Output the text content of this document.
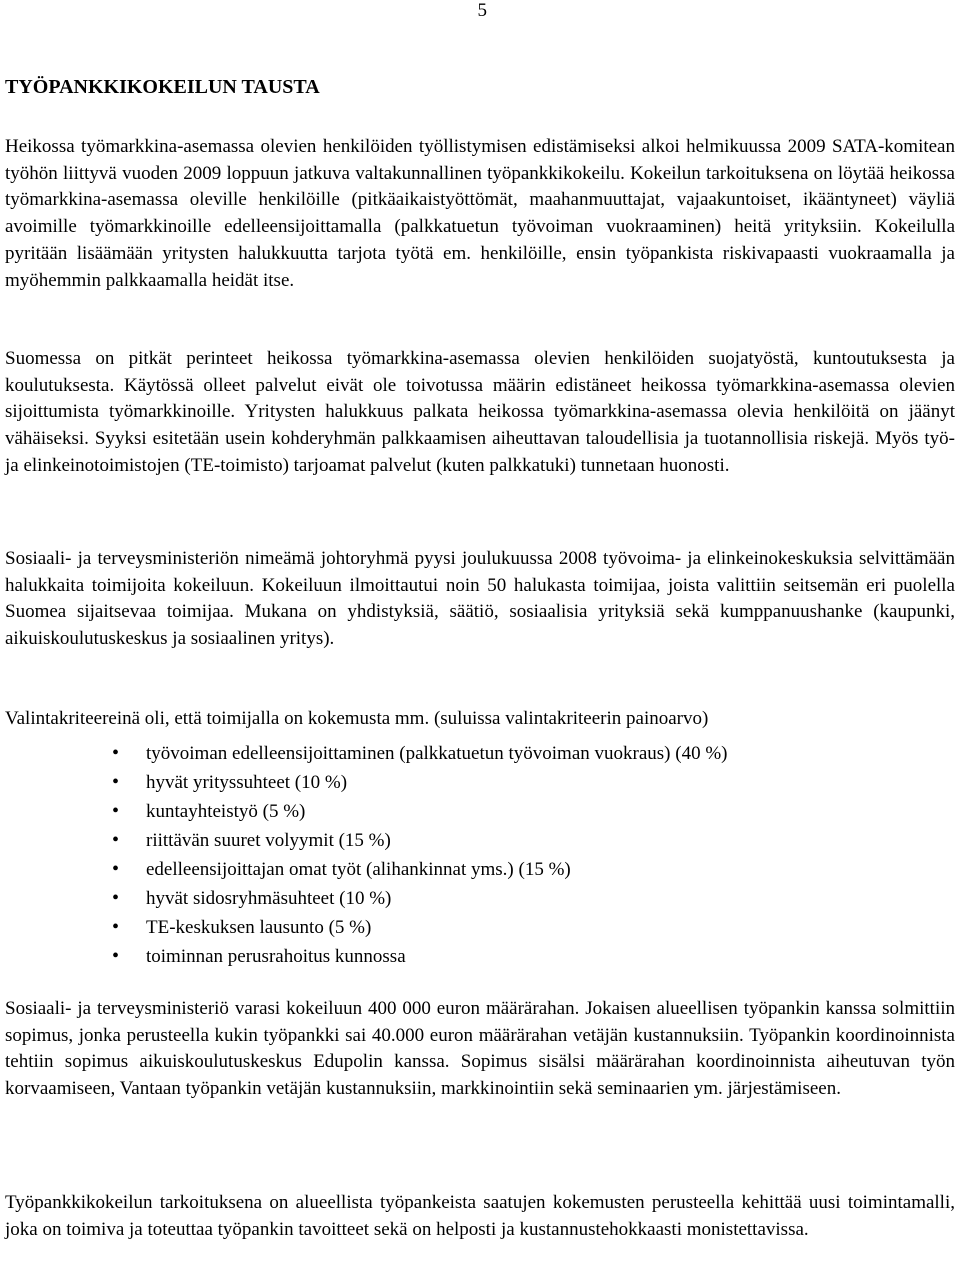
5
TYÖPANKKIKOKEILUN TAUSTA

Heikossa työmarkkina-asemassa olevien henkilöiden työllistymisen edistämiseksi alkoi helmikuussa 2009 SATA-komitean työhön liittyvä vuoden 2009 loppuun jatkuva valtakunnallinen työpankkikokeilu. Kokeilun tarkoituksena on löytää heikossa työmarkkina-asemassa oleville henkilöille (pitkäaikaistyöttömät, maahanmuuttajat, vajaakuntoiset, ikääntyneet) väyliä avoimille työmarkkinoille edelleensijoittamalla (palkkatuetun työvoiman vuokraaminen) heitä yrityksiin. Kokeilulla pyritään lisäämään yritysten halukkuutta tarjota työtä em. henkilöille, ensin työpankista riskivapaasti vuokraamalla ja myöhemmin palkkaamalla heidät itse.

Suomessa on pitkät perinteet heikossa työmarkkina-asemassa olevien henkilöiden suojatyöstä, kuntoutuksesta ja koulutuksesta. Käytössä olleet palvelut eivät ole toivotussa määrin edistäneet heikossa työmarkkina-asemassa olevien sijoittumista työmarkkinoille. Yritysten halukkuus palkata heikossa työmarkkina-asemassa olevia henkilöitä on jäänyt vähäiseksi. Syyksi esitetään usein kohderyhmän palkkaamisen aiheuttavan taloudellisia ja tuotannollisia riskejä. Myös työ- ja elinkeinotoimistojen (TE-toimisto) tarjoamat palvelut (kuten palkkatuki) tunnetaan huonosti.

Sosiaali- ja terveysministeriön nimeämä johtoryhmä pyysi joulukuussa 2008 työvoima- ja elinkeinokeskuksia selvittämään halukkaita toimijoita kokeiluun. Kokeiluun ilmoittautui noin 50 halukasta toimijaa, joista valittiin seitsemän eri puolella Suomea sijaitsevaa toimijaa. Mukana on yhdistyksiä, säätiö, sosiaalisia yrityksiä sekä kumppanuushanke (kaupunki, aikuiskoulutuskeskus ja sosiaalinen yritys).

Valintakriteereinä oli, että toimijalla on kokemusta mm. (suluissa valintakriteerin painoarvo)

• työvoiman edelleensijoittaminen (palkkatuetun työvoiman vuokraus) (40 %)
• hyvät yrityssuhteet (10 %)
• kuntayhteistyö (5 %)
• riittävän suuret volyymit (15 %)
• edelleensijoittajan omat työt (alihankinnat yms.) (15 %)
• hyvät sidosryhmäsuhteet (10 %)
• TE-keskuksen lausunto (5 %)
• toiminnan perusrahoitus kunnossa

Sosiaali- ja terveysministeriö varasi kokeiluun 400 000 euron määrärahan. Jokaisen alueellisen työpankin kanssa solmittiin sopimus, jonka perusteella kukin työpankki sai 40.000 euron määrärahan vetäjän kustannuksiin. Työpankin koordinoinnista tehtiin sopimus aikuiskoulutuskeskus Edupolin kanssa. Sopimus sisälsi määrärahan koordinoinnista aiheutuvan työn korvaamiseen, Vantaan työpankin vetäjän kustannuksiin, markkinointiin sekä seminaarien ym. järjestämiseen.

Työpankkikokeilun tarkoituksena on alueellista työpankeista saatujen kokemusten perusteella kehittää uusi toimintamalli, joka on toimiva ja toteuttaa työpankin tavoitteet sekä on helposti ja kustannustehokkaasti monistettavissa.
